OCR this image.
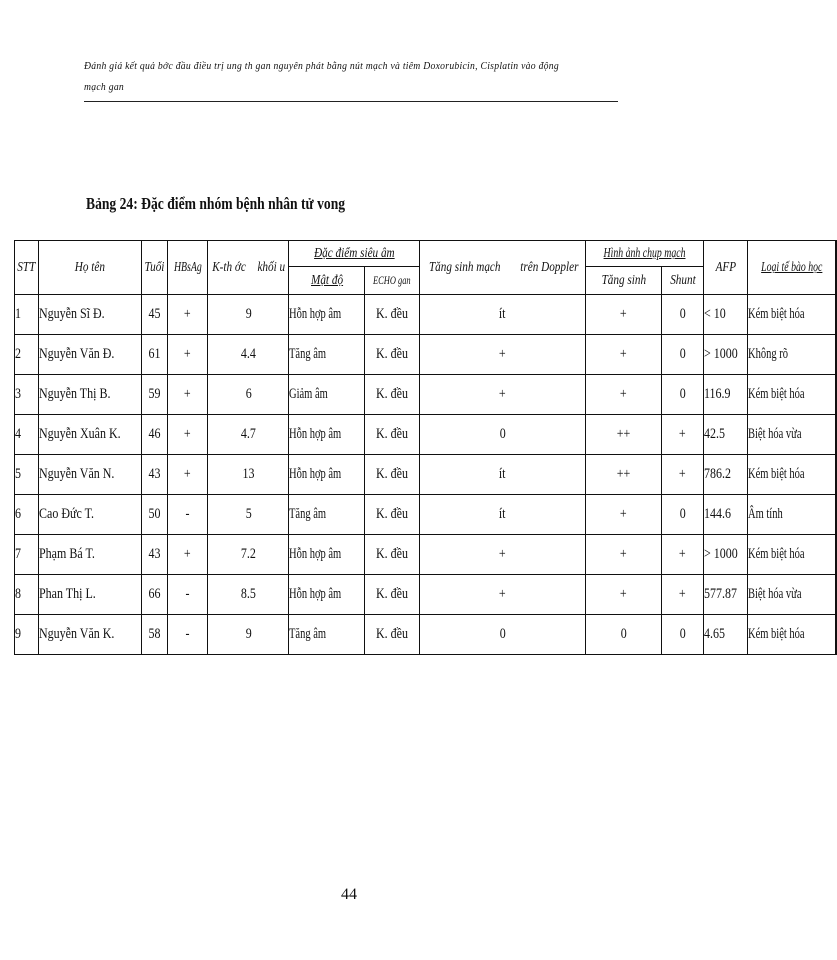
Đánh giá kết quả bớc đầu điều trị ung th gan nguyên phát bằng nút mạch và tiêm Doxorubicin, Cisplatin vào động mạch gan
Bảng 24: Đặc điểm nhóm bệnh nhân tử vong
STT	Họ tên	Tuổi	HBsAg	K-th ớc khối u	Đặc điểm siêu âm		Tăng sinh mạch trên Doppler	Hình ảnh chụp mạch		AFP	Loại tế bào học	
					Mật độ	ECHO gan		Tăng sinh	Shunt			
1	Nguyễn Sĩ Đ.	45	+	9	Hỗn hợp âm	K. đều	ít	+	0	< 10	Kém biệt hóa	
2	Nguyễn Văn Đ.	61	+	4.4	Tăng âm	K. đều	+	+	0	> 1000	Không rõ	
3	Nguyễn Thị B.	59	+	6	Giảm âm	K. đều	+	+	0	116.9	Kém biệt hóa	
4	Nguyễn Xuân K.	46	+	4.7	Hỗn hợp âm	K. đều	0	++	+	42.5	Biệt hóa vừa	
5	Nguyễn Văn N.	43	+	13	Hỗn hợp âm	K. đều	ít	++	+	786.2	Kém biệt hóa	
6	Cao Đức T.	50	-	5	Tăng âm	K. đều	ít	+	0	144.6	Âm tính	
7	Phạm Bá T.	43	+	7.2	Hỗn hợp âm	K. đều	+	+	+	> 1000	Kém biệt hóa	
8	Phan Thị L.	66	-	8.5	Hỗn hợp âm	K. đều	+	+	+	577.87	Biệt hóa vừa	
9	Nguyễn Văn K.	58	-	9	Tăng âm	K. đều	0	0	0	4.65	Kém biệt hóa	
44
